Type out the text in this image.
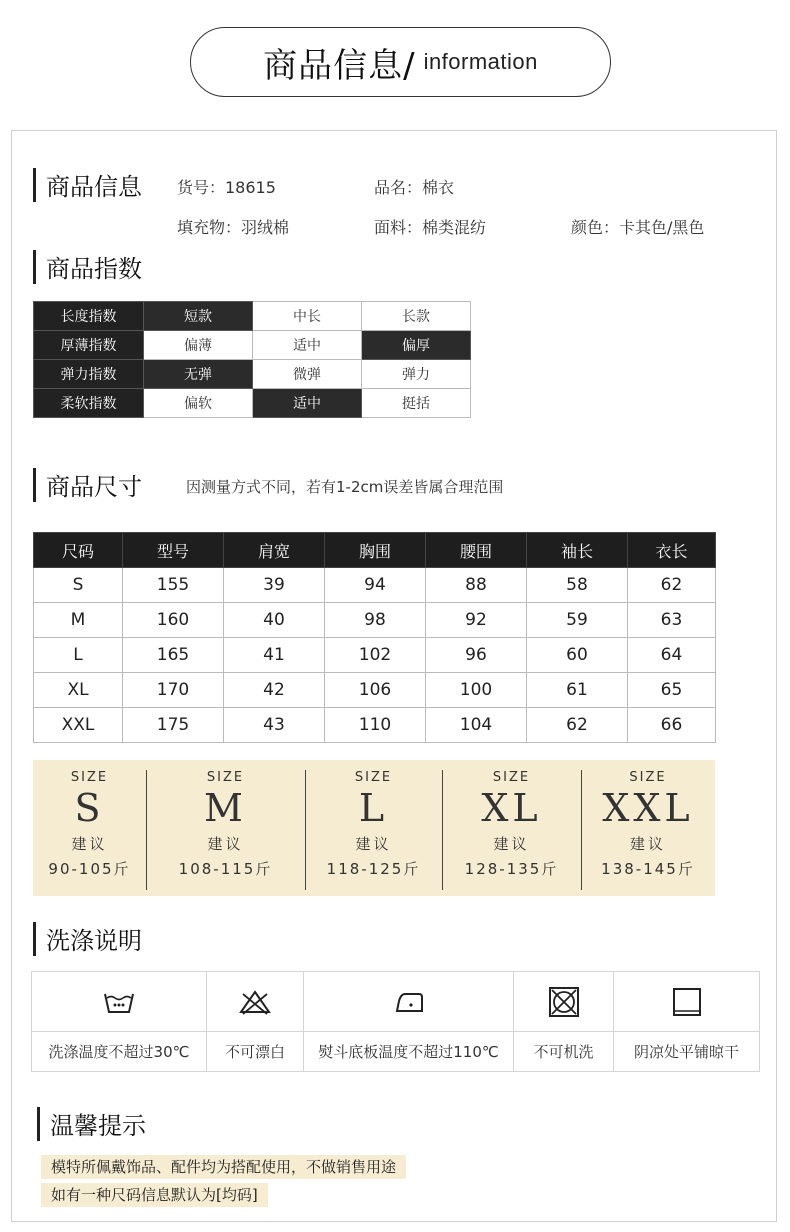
商品信息/ information
商品信息 货号：18615	品名：棉衣
填充物：羽绒棉	面料：棉类混纺	颜色：卡其色/黑色
商品指数
长度指数	短款	中长	长款
厚薄指数	偏薄	适中	偏厚
弹力指数	无弹	微弹	弹力
柔软指数	偏软	适中	挺括
商品尺寸	因测量方式不同，若有1-2cm误差皆属合理范围
尺码	型号	肩宽	胸围	腰围	袖长	衣长
S	155	39	94	88	58	62
M	160	40	98	92	59	63
L	165	41	102	96	60	64
XL	170	42	106	100	61	65
XXL	175	43	110	104	62	66
SIZE
S
建议
90-105斤
SIZE
M
建议
108-115斤
SIZE
L
建议
118-125斤
SIZE
XL
建议
128-135斤
SIZE
XXL
建议
138-145斤
洗涤说明

洗涤温度不超过30℃	不可漂白	熨斗底板温度不超过110℃	不可机洗	阴凉处平铺晾干
温馨提示
模特所佩戴饰品、配件均为搭配使用，不做销售用途
如有一种尺码信息默认为[均码]
